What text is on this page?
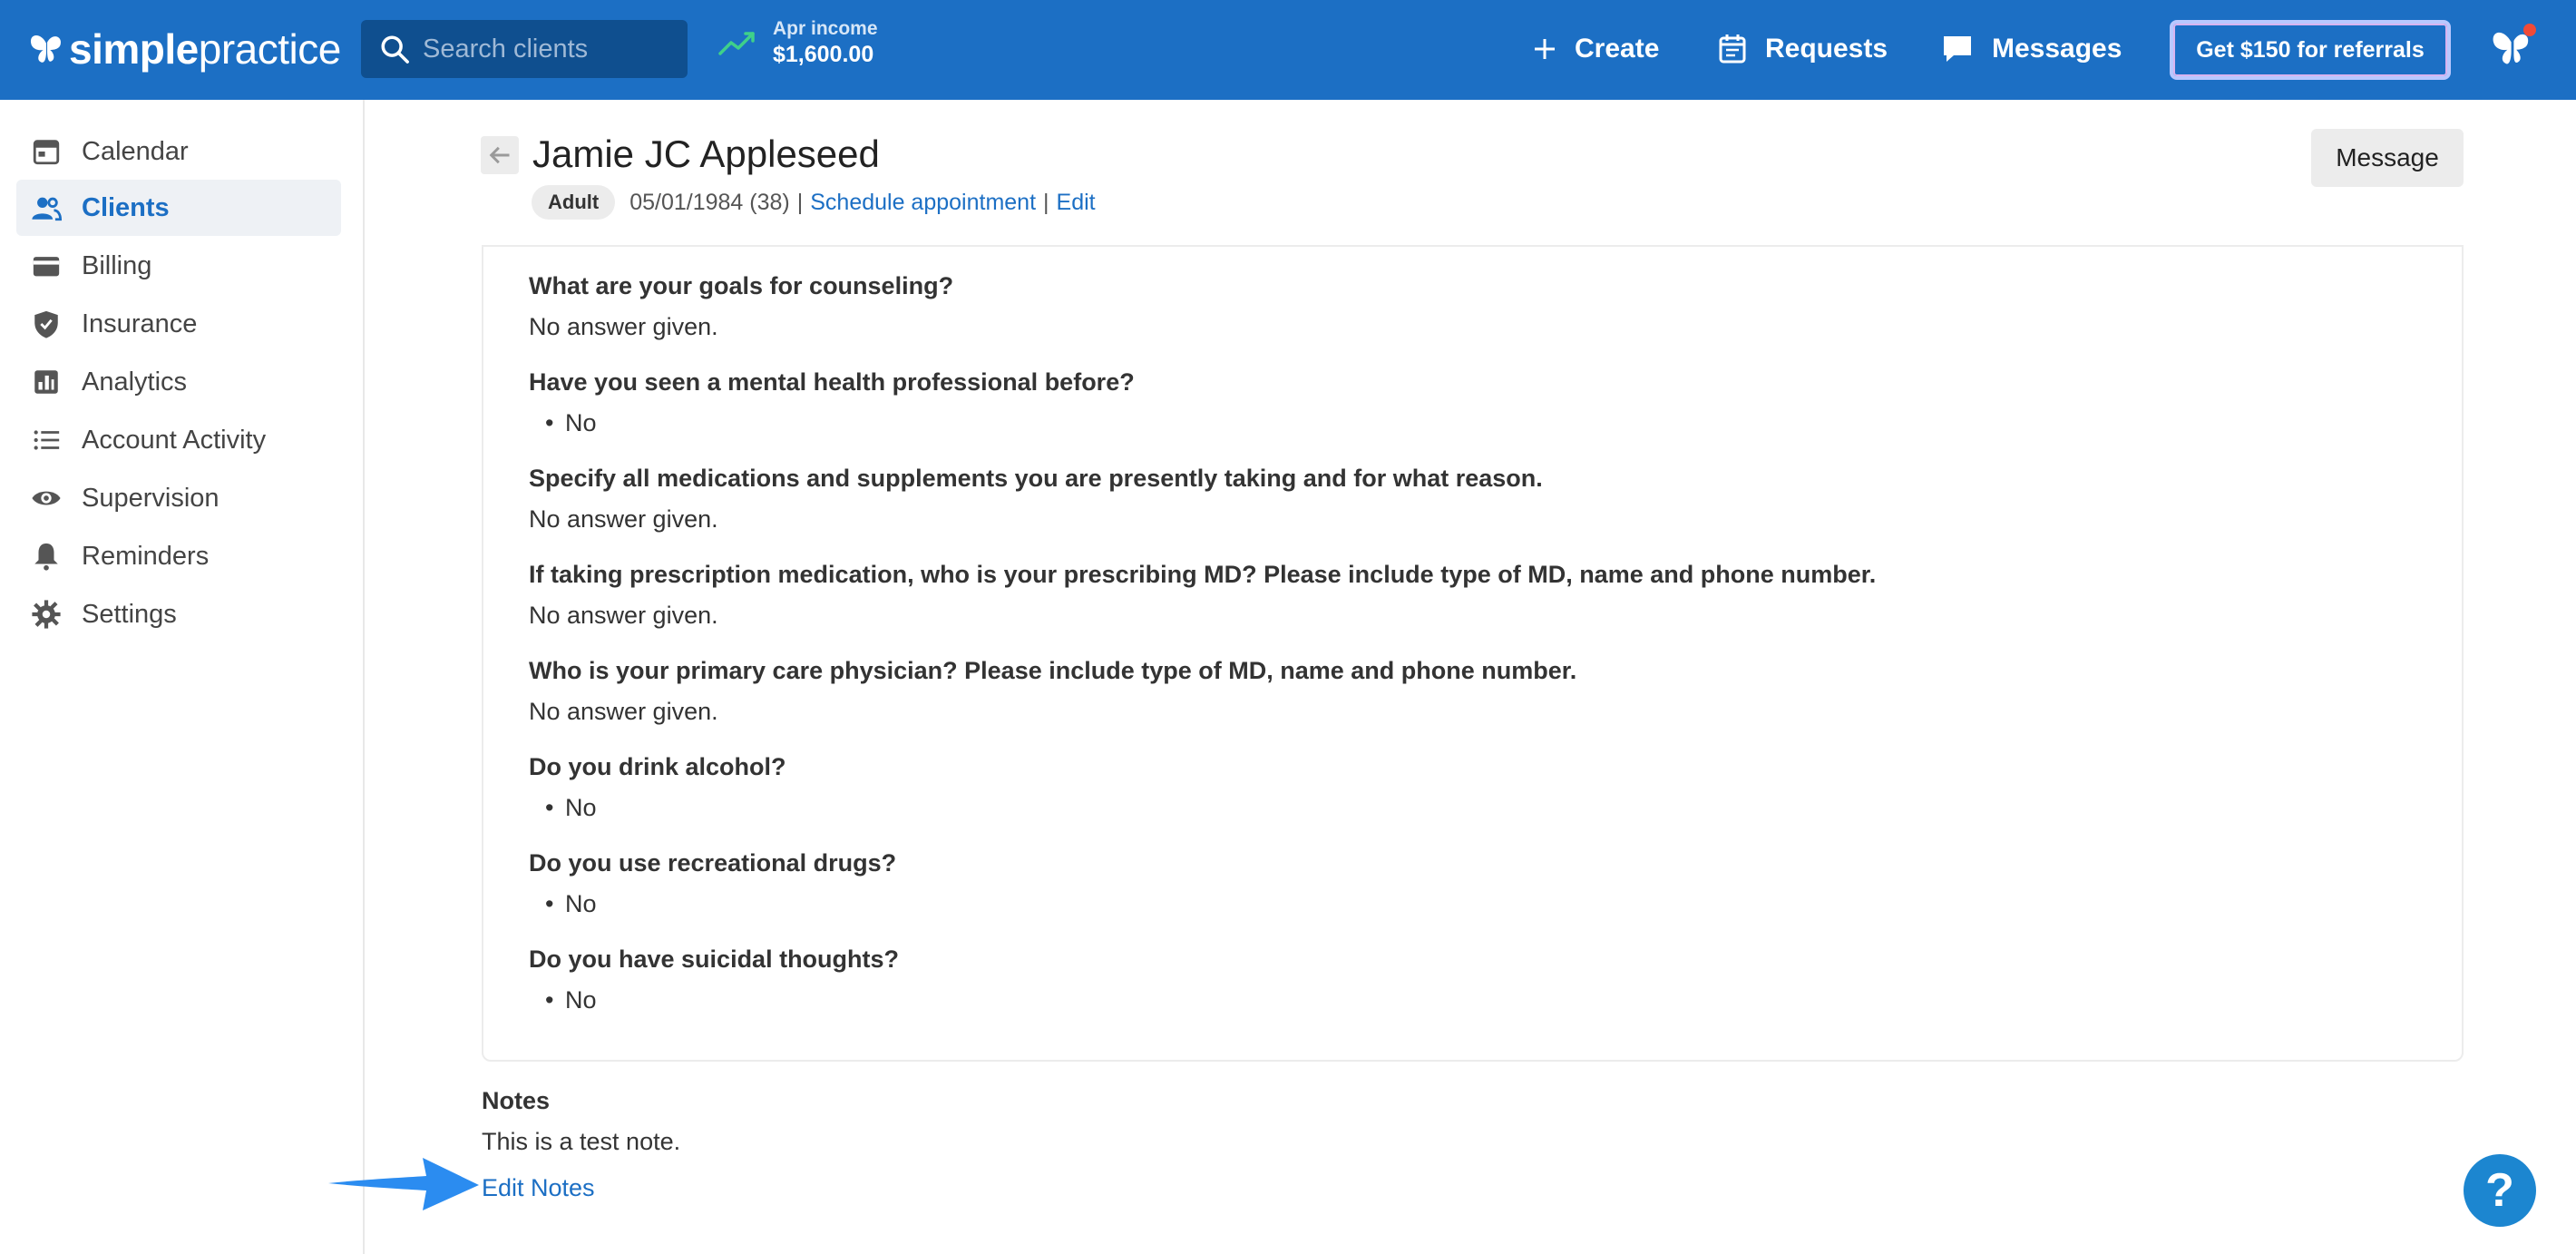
simple practice
Search clients	Apr income
$1,600.00	Create	Requests	Messages	Get $150 for referrals
Calendar
Clients
Billing
Insurance
Analytics
Account Activity
Supervision
Reminders
Settings
Jamie JC Appleseed
Adult	05/01/1984 (38) | Schedule appointment | Edit
Message
What are your goals for counseling?
No answer given.
Have you seen a mental health professional before?
• No
Specify all medications and supplements you are presently taking and for what reason.
No answer given.
If taking prescription medication, who is your prescribing MD? Please include type of MD, name and phone number.
No answer given.
Who is your primary care physician? Please include type of MD, name and phone number.
No answer given.
Do you drink alcohol?
• No
Do you use recreational drugs?
• No
Do you have suicidal thoughts?
• No
Notes
This is a test note.
Edit Notes	?
